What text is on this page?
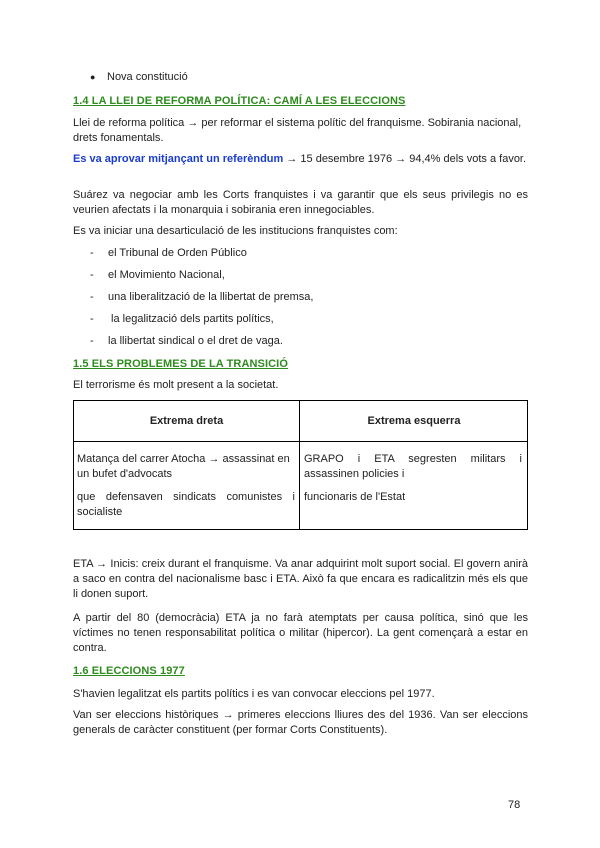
● Nova constitució
1.4 LA LLEI DE REFORMA POLÍTICA: CAMÍ A LES ELECCIONS

Llei de reforma política → per reformar el sistema polític del franquisme. Sobirania nacional, drets fonamentals.

Es va aprovar mitjançant un referèndum → 15 desembre 1976 → 94,4% dels vots a favor.

Suárez va negociar amb les Corts franquistes i va garantir que els seus privilegis no es veurien afectats i la monarquia i sobirania eren innegociables.

Es va iniciar una desarticulació de les institucions franquistes com:

- el Tribunal de Orden Público
- el Movimiento Nacional,
- una liberalització de la llibertat de premsa,
- la legalització dels partits polítics,
- la llibertat sindical o el dret de vaga.
1.5 ELS PROBLEMES DE LA TRANSICIÓ

El terrorisme és molt present a la societat.

Extrema dreta	Extrema esquerra
Matança del carrer Atocha → assassinat en un bufet d'advocats
que defensaven sindicats comunistes i socialiste
GRAPO i ETA segresten militars i assassinen policies i
funcionaris de l'Estat

ETA → Inicis: creix durant el franquisme. Va anar adquirint molt suport social. El govern anirà a saco en contra del nacionalisme basc i ETA. Això fa que encara es radicalitzin més els que li donen suport.

A partir del 80 (democràcia) ETA ja no farà atemptats per causa política, sinó que les víctimes no tenen responsabilitat política o militar (hipercor). La gent començarà a estar en contra.

1.6 ELECCIONS 1977

S'havien legalitzat els partits polítics i es van convocar eleccions pel 1977.

Van ser eleccions històriques → primeres eleccions lliures des del 1936. Van ser eleccions generals de caràcter constituent (per formar Corts Constituents).

78
